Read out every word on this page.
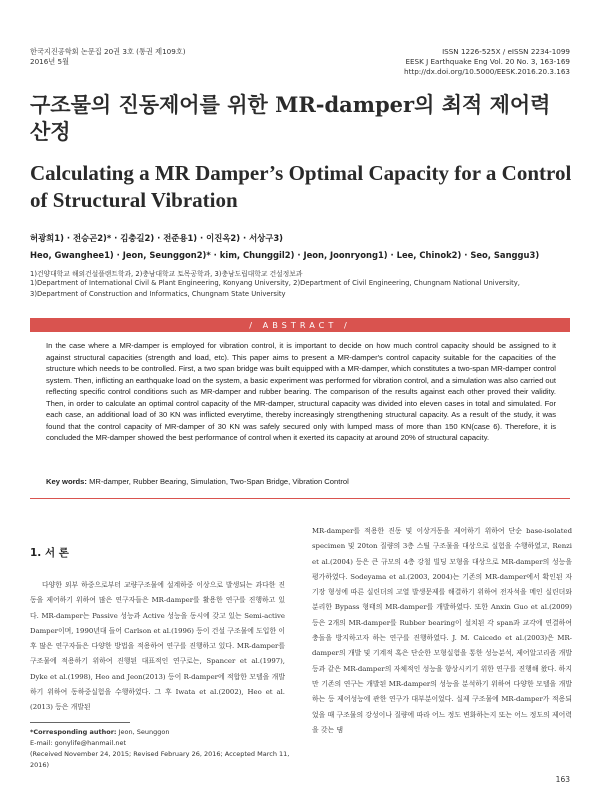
한국지진공학회 논문집 20권 3호 (통권 제109호)
2016년 5월
ISSN 1226-525X / eISSN 2234-1099
EESK J Earthquake Eng Vol. 20 No. 3, 163-169
http://dx.doi.org/10.5000/EESK.2016.20.3.163
구조물의 진동제어를 위한 MR-damper의 최적 제어력 산정
Calculating a MR Damper’s Optimal Capacity for a Control of Structural Vibration
허광희1) · 전승곤2)* · 김충길2) · 전준용1) · 이진옥2) · 서상구3)
Heo, Gwanghee1) · Jeon, Seunggon2)* · kim, Chunggil2) · Jeon, Joonryong1) · Lee, Chinok2) · Seo, Sanggu3)
1)건양대학교 해외건설플랜트학과, 2)충남대학교 토목공학과, 3)충남도립대학교 건설정보과
1)Department of International Civil & Plant Engineering, Konyang University, 2)Department of Civil Engineering, Chungnam National University,
3)Department of Construction and Informatics, Chungnam State University
/ ABSTRACT /

In the case where a MR-damper is employed for vibration control, it is important to decide on how much control capacity should be assigned to it against structural capacities (strength and load, etc). This paper aims to present a MR-damper's control capacity suitable for the capacities of the structure which needs to be controlled. First, a two span bridge was built equipped with a MR-damper, which constitutes a two-span MR-damper control system. Then, inflicting an earthquake load on the system, a basic experiment was performed for vibration control, and a simulation was also carried out reflecting specific control conditions such as MR-damper and rubber bearing. The comparison of the results against each other proved their validity. Then, in order to calculate an optimal control capacity of the MR-damper, structural capacity was divided into eleven cases in total and simulated. For each case, an additional load of 30 KN was inflicted everytime, thereby increasingly strengthening structural capacity. As a result of the study, it was found that the control capacity of MR-damper of 30 KN was safely secured only with lumped mass of more than 150 KN(case 6). Therefore, it is concluded the MR-damper showed the best performance of control when it exerted its capacity at around 20% of structural capacity.

Key words: MR-damper, Rubber Bearing, Simulation, Two-Span Bridge, Vibration Control
1. 서 론

다양한 외부 하중으로부터 교량구조물에 설계하중 이상으로 발생되는 과다한 진동을 제어하기 위하여 많은 연구자들은 MR-damper를 활용한 연구를 진행하고 있다. MR-damper는 Passive 성능과 Active 성능을 동시에 갖고 있는 Semi-active Damper이며, 1990년대 들어 Carlson et al.(1996) 등이 건설 구조물에 도입한 이후 많은 연구자들은 다양한 방법을 적용하여 연구를 진행하고 있다. MR-damper를 구조물에 적용하기 위하여 진행된 대표적인 연구로는, Spancer et al.(1997), Dyke et al.(1998), Heo and Jeon(2013) 등이 R-damper에 적합한 모델을 개발하기 위하여 동하중실험을 수행하였다. 그 후 Iwata et al.(2002), Heo et al.(2013) 등은 개발된

MR-damper를 적용한 진동 및 이상거동을 제어하기 위하여 단순 base-isolated specimen 및 20ton 질량의 3층 스틸 구조물을 대상으로 실험을 수행하였고, Renzi et al.(2004) 등은 큰 규모의 4층 강철 빌딩 모형을 대상으로 MR-damper의 성능을 평가하였다. Sodeyama et al.(2003, 2004)는 기존의 MR-damper에서 확인된 자기장 형성에 따른 실린더의 고열 발생문제를 해결하기 위하여 전자석을 메인 실린더와 분리한 Bypass 형태의 MR-damper를 개발하였다. 또한 Anxin Guo et al.(2009) 등은 2개의 MR-damper를 Rubber bearing이 설치된 각 span과 교각에 연결하여 충돌을 방지하고자 하는 연구를 진행하였다. J. M. Caicedo et al.(2003)은 MR-damper의 개발 및 기계적 혹은 단순한 모형실험을 통한 성능분석, 제어알고리즘 개발 등과 같은 MR-damper의 자체적인 성능을 향상시키기 위한 연구를 진행해 왔다. 하지만 기존의 연구는 개발된 MR-damper의 성능을 분석하기 위하여 다양한 모델을 개발하는 등 제어성능에 관한 연구가 대부분이었다. 실제 구조물에 MR-damper가 적용되었을 때 구조물의 강성이나 질량에 따라 어느 정도 변화하는지 또는 어느 정도의 제어력을 갖는 댐

*Corresponding author: Jeon, Seunggon
E-mail: gonylife@hanmail.net
(Received November 24, 2015; Revised February 26, 2016; Accepted March 11, 2016)
163
